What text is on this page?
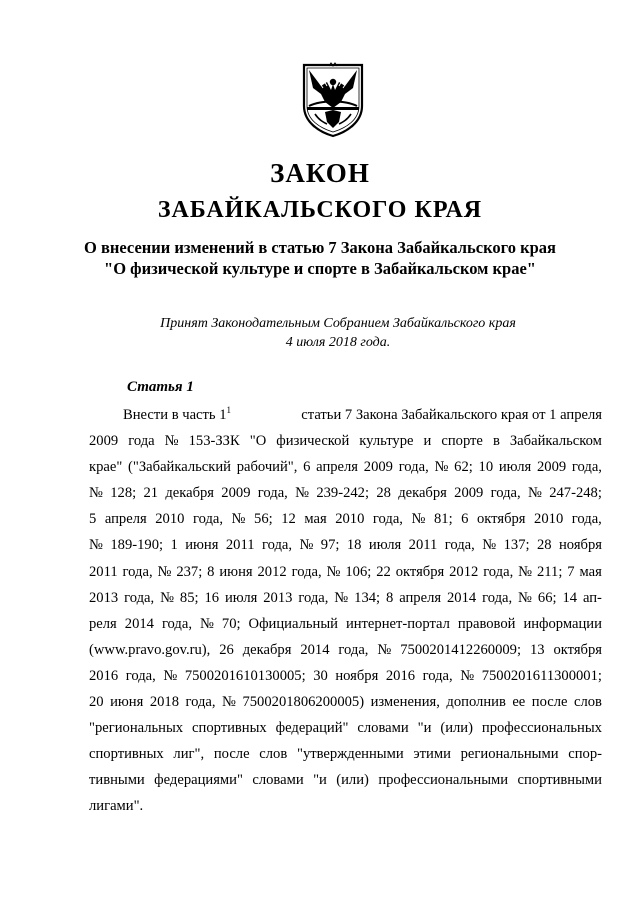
ЗАКОН
ЗАБАЙКАЛЬСКОГО КРАЯ
О внесении изменений в статью 7 Закона Забайкальского края
"О физической культуре и спорте в Забайкальском крае"
Принят Законодательным Собранием Забайкальского края
4 июля 2018 года.
Статья 1
Внести в часть $1^1$	статьи 7 Закона Забайкальского края от 1 апреля
2009 года № 153-ЗЗК "О физической культуре и спорте в Забайкальском
крае" ("Забайкальский рабочий", 6 апреля 2009 года, № 62; 10 июля 2009 года,
№ 128; 21 декабря 2009 года, № 239-242; 28 декабря 2009 года, № 247-248;
5 апреля 2010 года, № 56; 12 мая 2010 года, № 81; 6 октября 2010 года,
№ 189-190; 1 июня 2011 года, № 97; 18 июля 2011 года, № 137; 28 ноября
2011 года, № 237; 8 июня 2012 года, № 106; 22 октября 2012 года, № 211; 7 мая
2013 года, № 85; 16 июля 2013 года, № 134; 8 апреля 2014 года, № 66; 14 ап-
реля 2014 года, № 70; Официальный интернет-портал правовой информации
(www.pravo.gov.ru), 26 декабря 2014 года, № 7500201412260009; 13 октября
2016 года, № 7500201610130005; 30 ноября 2016 года, № 7500201611300001;
20 июня 2018 года, № 7500201806200005) изменения, дополнив ее после слов
"региональных спортивных федераций" словами "и (или) профессиональных
спортивных лиг", после слов "утвержденными этими региональными спор-
тивными федерациями" словами "и (или) профессиональными спортивными
лигами".
